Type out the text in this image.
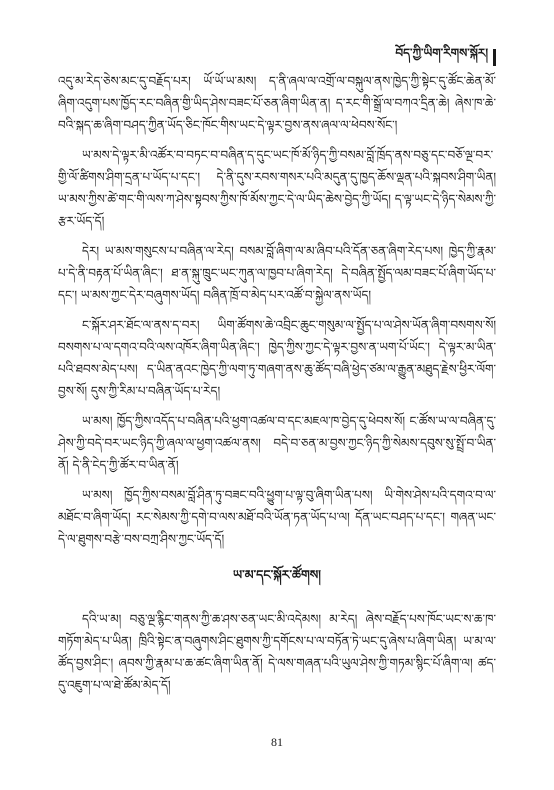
བོད་ཀྱི་ཡིག་རིགས་སྐོར།

འདུ་མ་རེད་ཅེས་མང་དུ་བརྗོད་པར། ཡོ་ཡོ་ཡ་མས། ད་ནི་ཞལ་ལ་འགྲོ་ལ་བསྐུལ་ནས་ཁྱེད་ཀྱི་སྟེང་དུ་ཚོང་ཆེན་མོ་ཞིག་འདུག་པས་ཁྱོད་རང་བཞིན་གྱི་ཡིད་ཤེས་བཟང་པོ་ཅན་ཞིག་ཡིན་ན། ད་རང་གི་སྒྲོ་ལ་བཀའ་དྲིན་ཆེ། ཞེས་ཁ་ཆེ་བའི་སྐད་ཆ་ཞིག་བཤད་ཀྱིན་ཡོད་ཅིང་ཁོང་གིས་ཡང་དེ་ལྟར་བྱས་ནས་ཞལ་ལ་ཕེབས་སོང་།

ཡ་མས་དེ་ལྟར་མི་འཚོར་བ་བཏང་བ་བཞིན་ད་དུང་ཡང་ཁོ་མོ་ཉིད་ཀྱི་བསམ་བློ་ཁྲོད་ནས་བཅུ་དང་བཅོ་ལྔ་བར་གྱི་ལོ་ཚིགས་ཤིག་དྲན་པ་ཡོད་པ་དང་། དེ་ནི་དུས་རབས་གསར་པའི་མདུན་དུ་ཁྱད་ཆོས་ལྡན་པའི་སྐབས་ཤིག་ཡིན། ཡ་མས་ཀྱིས་ཚེ་གང་གི་ལས་ཀ་ཤེས་སྟབས་ཀྱིས་ཁོ་མོས་ཀྱང་དེ་ལ་ཡིད་ཆེས་བྱེད་ཀྱི་ཡོད། ད་ལྟ་ཡང་དེ་ཉིད་སེམས་ཀྱི་རྩར་ཡོད་དོ།

དེར། ཡ་མས་གསུངས་པ་བཞིན་ལ་རེད། བསམ་བློ་ཞིག་ལ་མ་ཞིབ་པའི་དོན་ཅན་ཞིག་རེད་པས། ཁྱེད་ཀྱི་རྣམ་པ་དེ་ནི་བརྟན་པོ་ཡིན་ཞིང་། ཐ་ན་སྐུ་ཁྲུང་ཡང་ཀུན་ལ་ཁྱབ་པ་ཞིག་རེད། དེ་བཞིན་སྤྱོད་ལམ་བཟང་པོ་ཞིག་ཡོད་པ་དང་། ཡ་མས་ཀྱང་དེར་བཞུགས་ཡོད། བཞིན་ཁྲོ་བ་མེད་པར་འཚོ་བ་སྐྱེལ་ནས་ཡོད།

ང་སྐོར་ཤར་ཐོང་ལ་ནས་ད་བར། ཡིག་ཚོགས་ཆེ་འབྲིང་ཆུང་གསུམ་ལ་སྤྱོད་པ་ལ་ཤེས་ཡོན་ཞིག་བསགས་སོ། བསགས་པ་ལ་དགའ་བའི་ལས་འཁོར་ཞིག་ཡིན་ཞིང་། ཁྱེད་ཀྱིས་ཀྱང་དེ་ལྟར་བྱས་ན་ཡག་པོ་ཡོང་། དེ་ལྟར་མ་ཡིན་པའི་ཐབས་མེད་པས། ད་ཡིན་ནའང་ཁྱེད་ཀྱི་ལག་ཏུ་གཞག་ནས་ཆུ་ཚོད་བཞི་ཕྱེད་ཙམ་ལ་རྒྱུན་མཐུད་རྗེས་ཕྱིར་ལོག་བྱས་སོ། དུས་ཀྱི་རིམ་པ་བཞིན་ཡོད་པ་རེད།

ཡ་མས། ཁྱོད་ཀྱིས་འདོད་པ་བཞིན་པའི་ཕྱག་འཚལ་བ་དང་མཇལ་ཁ་བྱེད་དུ་ཕེབས་སོ། ང་ཚོས་ཡ་ལ་བཞིན་དུ་ཤེས་ཀྱི་བདེ་བར་ཡང་ཉིད་ཀྱི་ཞལ་ལ་ཕྱག་འཚལ་ནས། བདེ་བ་ཅན་མ་བྱས་ཀྱང་ཉིད་ཀྱི་སེམས་དབུས་སུ་སྤྲོ་བ་ཡིན་ནོ། དེ་ནི་ངེད་ཀྱི་ཚོར་བ་ཡིན་ནོ།

ཡ་མས། ཁྱོད་ཀྱིས་བསམ་བློ་ཤིན་ཏུ་བཟང་བའི་ཕྱུག་པ་ལྟ་བུ་ཞིག་ཡིན་པས། ཡི་གེས་ཤེས་པའི་དགའ་བ་ལ་མཐོང་བ་ཞིག་ཡོད། རང་སེམས་ཀྱི་དགེ་བ་ལས་མཐོ་བའི་ཡོན་ཏན་ཡོད་པ་ལ། དོན་ཡང་བཤད་པ་དང་། གཞན་ཡང་དེ་ལ་ཐུགས་བརྩེ་བས་བཀྲ་ཤིས་ཀྱང་ཡོད་དོ།

ཡ་མ་དང་སྐོར་ཚོགས།

དའི་ཡ་མ། བཅུ་ལྔ་རྙིང་གནས་ཀྱི་ཆ་ཤས་ཅན་ཡང་མི་འདེམས། མ་རེད། ཞེས་བརྗོད་པས་ཁོང་ཡང་ས་ཆ་ཁ་གཏོག་མེད་པ་ཡིན། ཁྲིའི་སྟེང་ན་བཞུགས་ཤིང་ཐུགས་ཀྱི་དགོངས་པ་ལ་བཏོན་ཏེ་ཡང་དུ་ཞེས་པ་ཞིག་ཡིན། ཡ་མ་ལ་ཚོད་བྱས་ཤིང་། ཞབས་ཀྱི་རྣམ་པ་ཆ་ཚང་ཞིག་ཡིན་ནོ། དེ་ལས་གཞན་པའི་ཡུལ་ཤེས་ཀྱི་གཏམ་སྙིང་པོ་ཞིག་ལ། ཚད་དུ་འཇུག་པ་ལ་ཐེ་ཚོམ་མེད་དོ།

81
